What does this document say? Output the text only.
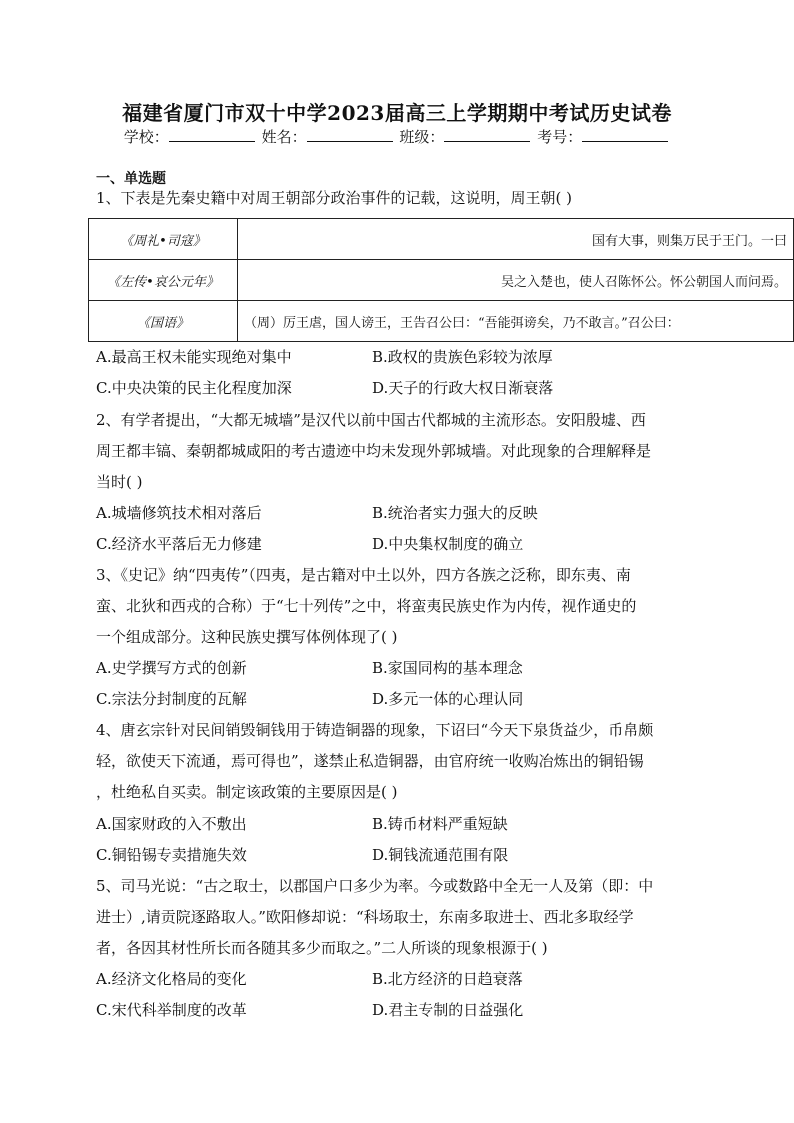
福建省厦门市双十中学2023届高三上学期期中考试历史试卷
学校：	姓名：	班级：	考号：
一、单选题
1、下表是先秦史籍中对周王朝部分政治事件的记载，这说明，周王朝( )
《周礼•司寇》	国有大事，则集万民于王门。一曰
《左传•哀公元年》	吴之入楚也，使人召陈怀公。怀公朝国人而问焉。
《国语》	（周）厉王虐，国人谤王，王告召公曰：“吾能弭谤矣，乃不敢言。”召公曰：
A.最高王权未能实现绝对集中	B.政权的贵族色彩较为浓厚
C.中央决策的民主化程度加深	D.天子的行政大权日渐衰落
2、有学者提出，“大都无城墙”是汉代以前中国古代都城的主流形态。安阳殷墟、西
周王都丰镐、秦朝都城咸阳的考古遗迹中均未发现外郭城墙。对此现象的合理解释是
当时( )
A.城墙修筑技术相对落后	B.统治者实力强大的反映
C.经济水平落后无力修建	D.中央集权制度的确立
3、《史记》纳“四夷传”（四夷，是古籍对中土以外，四方各族之泛称，即东夷、南
蛮、北狄和西戎的合称）于“七十列传”之中，将蛮夷民族史作为内传，视作通史的
一个组成部分。这种民族史撰写体例体现了( )
A.史学撰写方式的创新	B.家国同构的基本理念
C.宗法分封制度的瓦解	D.多元一体的心理认同
4、唐玄宗针对民间销毁铜钱用于铸造铜器的现象，下诏曰“今天下泉货益少，币帛颇
轻，欲使天下流通，焉可得也”，遂禁止私造铜器，由官府统一收购冶炼出的铜铅锡
，杜绝私自买卖。制定该政策的主要原因是( )
A.国家财政的入不敷出	B.铸币材料严重短缺
C.铜铅锡专卖措施失效	D.铜钱流通范围有限
5、司马光说：“古之取士，以郡国户口多少为率。今或数路中全无一人及第（即：中
进士）,请贡院逐路取人。”欧阳修却说：“科场取士，东南多取进士、西北多取经学
者，各因其材性所长而各随其多少而取之。”二人所谈的现象根源于( )
A.经济文化格局的变化	B.北方经济的日趋衰落
C.宋代科举制度的改革	D.君主专制的日益强化
